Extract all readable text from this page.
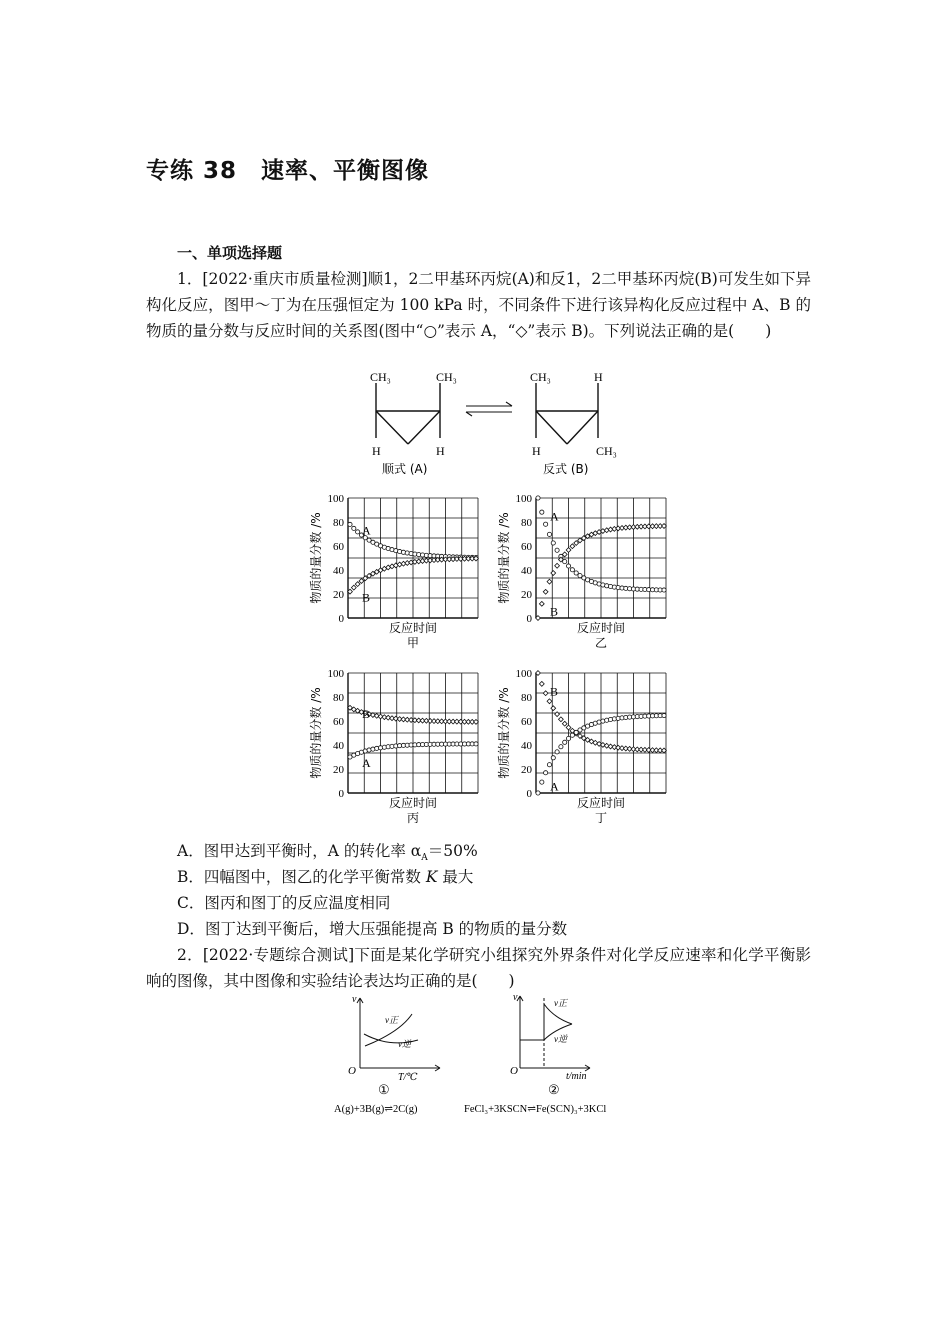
专练 38　速率、平衡图像
一、单项选择题
1．[2022·重庆市质量检测]顺1，2二甲基环丙烷(A)和反1，2二甲基环丙烷(B)可发生如下异构化反应，图甲～丁为在压强恒定为 100 kPa 时，不同条件下进行该异构化反应过程中 A、B 的物质的量分数与反应时间的关系图(图中“○”表示 A，“◇”表示 B)。下列说法正确的是(　　)
CH₃	CH₃
H	H
顺式 (A)
CH₃	H
H	CH₃
反式 (B)
0
20
40
60
80
100
物质的量分数 /%
反应时间
甲
A
B
0
20
40
60
80
100
物质的量分数 /%
反应时间
乙
A
B
0
20
40
60
80
100
物质的量分数 /%
反应时间
丙
B
A
0
20
40
60
80
100
物质的量分数 /%
反应时间
丁
B
A
A．图甲达到平衡时，A 的转化率 $\alpha_A=50\%$
B．四幅图中，图乙的化学平衡常数 K 最大
C．图丙和图丁的反应温度相同
D．图丁达到平衡后，增大压强能提高 B 的物质的量分数
2．[2022·专题综合测试]下面是某化学研究小组探究外界条件对化学反应速率和化学平衡影响的图像，其中图像和实验结论表达均正确的是(　　)
v
O
T/℃
v正
v逆
①
A(g)+3B(g)⇌2C(g)
v
O	t/min
v正
v逆
②
FeCl₃+3KSCN⇌Fe(SCN)₃+3KCl
